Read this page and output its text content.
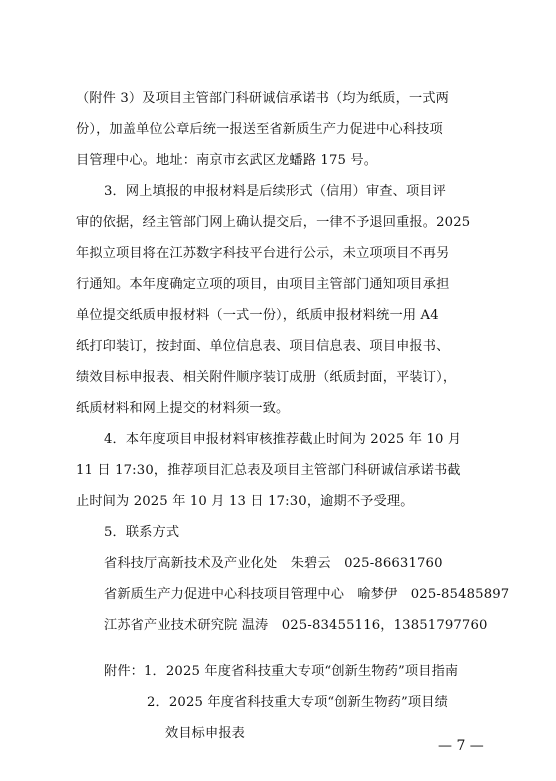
（附件 3）及项目主管部门科研诚信承诺书（均为纸质，一式两
份），加盖单位公章后统一报送至省新质生产力促进中心科技项
目管理中心。地址：南京市玄武区龙蟠路 175 号。
3．网上填报的申报材料是后续形式（信用）审查、项目评
审的依据，经主管部门网上确认提交后，一律不予退回重报。2025
年拟立项目将在江苏数字科技平台进行公示，未立项项目不再另
行通知。本年度确定立项的项目，由项目主管部门通知项目承担
单位提交纸质申报材料（一式一份），纸质申报材料统一用 A4
纸打印装订，按封面、单位信息表、项目信息表、项目申报书、
绩效目标申报表、相关附件顺序装订成册（纸质封面，平装订），
纸质材料和网上提交的材料须一致。
4．本年度项目申报材料审核推荐截止时间为 2025 年 10 月
11 日 17:30，推荐项目汇总表及项目主管部门科研诚信承诺书截
止时间为 2025 年 10 月 13 日 17:30，逾期不予受理。
5．联系方式
省科技厅高新技术及产业化处　朱碧云　025-86631760
省新质生产力促进中心科技项目管理中心　喻梦伊　025-85485897
江苏省产业技术研究院 温涛　025-83455116，13851797760
附件：1．2025 年度省科技重大专项“创新生物药”项目指南
2．2025 年度省科技重大专项“创新生物药”项目绩
效目标申报表
— 7 —
